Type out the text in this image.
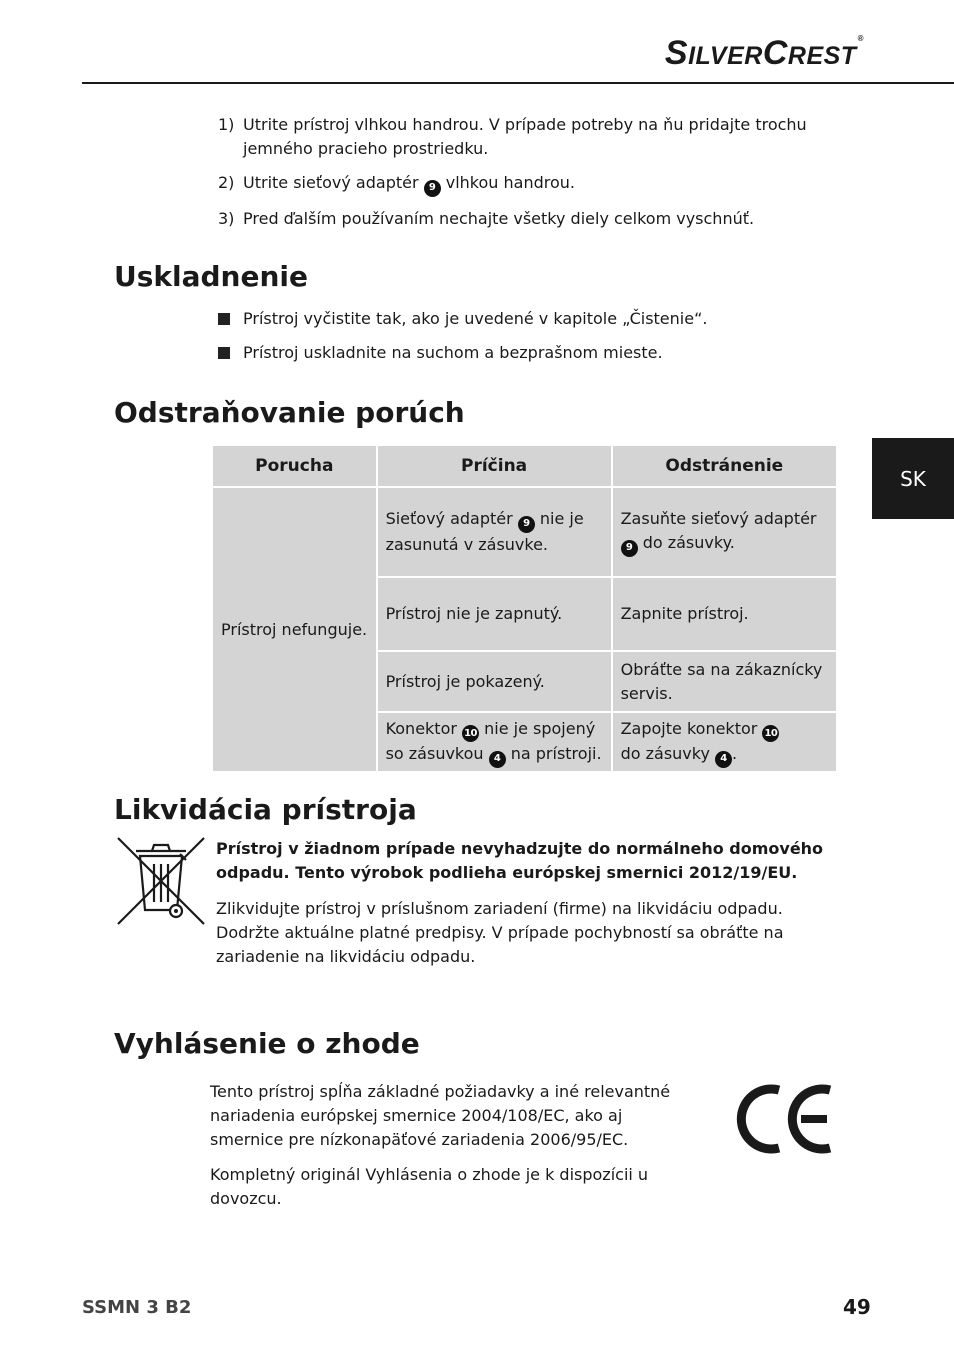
SILVERCREST®
SK
1) Utrite prístroj vlhkou handrou. V prípade potreby na ňu pridajte trochu jemného pracieho prostriedku.
2) Utrite sieťový adaptér 9 vlhkou handrou.
3) Pred ďalším používaním nechajte všetky diely celkom vyschnúť.
Uskladnenie
Prístroj vyčistite tak, ako je uvedené v kapitole „Čistenie“.
Prístroj uskladnite na suchom a bezprašnom mieste.
Odstraňovanie porúch
Porucha	Príčina	Odstránenie
Prístroj nefunguje.	Sieťový adaptér 9 nie je zasunutá v zásuvke.	Zasuňte sieťový adaptér 9 do zásuvky.
	Prístroj nie je zapnutý.	Zapnite prístroj.
	Prístroj je pokazený.	Obráťte sa na zákaznícky servis.
	Konektor 10 nie je spojený so zásuvkou 4 na prístroji.	Zapojte konektor 10
do zásuvky 4 .
Likvidácia prístroja

Prístroj v žiadnom prípade nevyhadzujte do normálneho domového odpadu. Tento výrobok podlieha európskej smernici 2012/19/EU.

Zlikvidujte prístroj v príslušnom zariadení (firme) na likvidáciu odpadu. Dodržte aktuálne platné predpisy. V prípade pochybností sa obráťte na zariadenie na likvidáciu odpadu.

Vyhlásenie o zhode

Tento prístroj spĺňa základné požiadavky a iné relevantné nariadenia európskej smernice 2004/108/EC, ako aj smernice pre nízkonapäťové zariadenia 2006/95/EC.

Kompletný originál Vyhlásenia o zhode je k dispozícii u dovozcu.

SSMN 3 B2	49
